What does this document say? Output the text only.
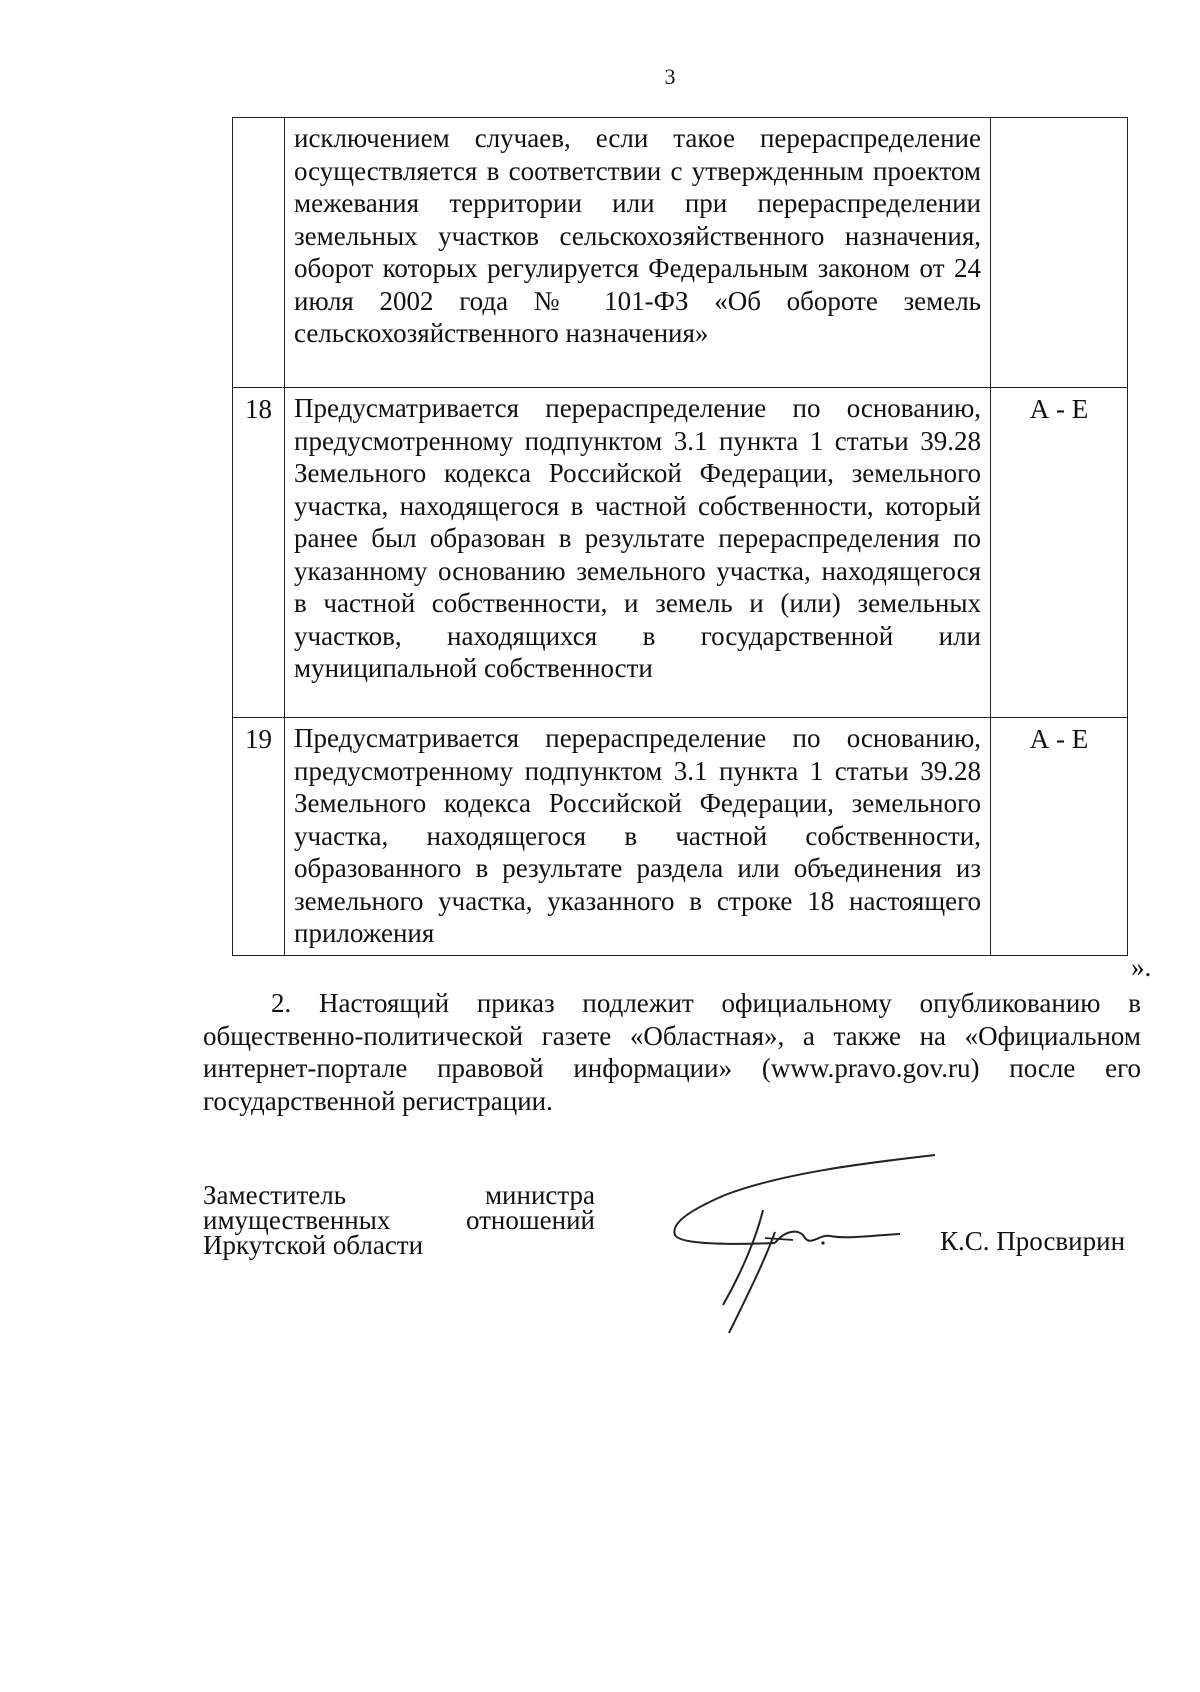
3
	исключением случаев, если такое перераспределение осуществляется в соответствии с утвержденным проектом межевания территории или при перераспределении земельных участков сельскохозяйственного назначения, оборот которых регулируется Федеральным законом от 24 июля 2002 года № 101-ФЗ «Об обороте земель сельскохозяйственного назначения»	
18	Предусматривается перераспределение по основанию, предусмотренному подпунктом 3.1 пункта 1 статьи 39.28 Земельного кодекса Российской Федерации, земельного участка, находящегося в частной собственности, который ранее был образован в результате перераспределения по указанному основанию земельного участка, находящегося в частной собственности, и земель и (или) земельных участков, находящихся в государственной или муниципальной собственности	А - Е
19	Предусматривается перераспределение по основанию, предусмотренному подпунктом 3.1 пункта 1 статьи 39.28 Земельного кодекса Российской Федерации, земельного участка, находящегося в частной собственности, образованного в результате раздела или объединения из земельного участка, указанного в строке 18 настоящего приложения	А - Е
».

2. Настоящий приказ подлежит официальному опубликованию в общественно-политической газете «Областная», а также на «Официальном интернет-портале правовой информации» (www.pravo.gov.ru) после его государственной регистрации.

Заместитель	министра
имущественных	отношений
Иркутской области	К.С. Просвирин
